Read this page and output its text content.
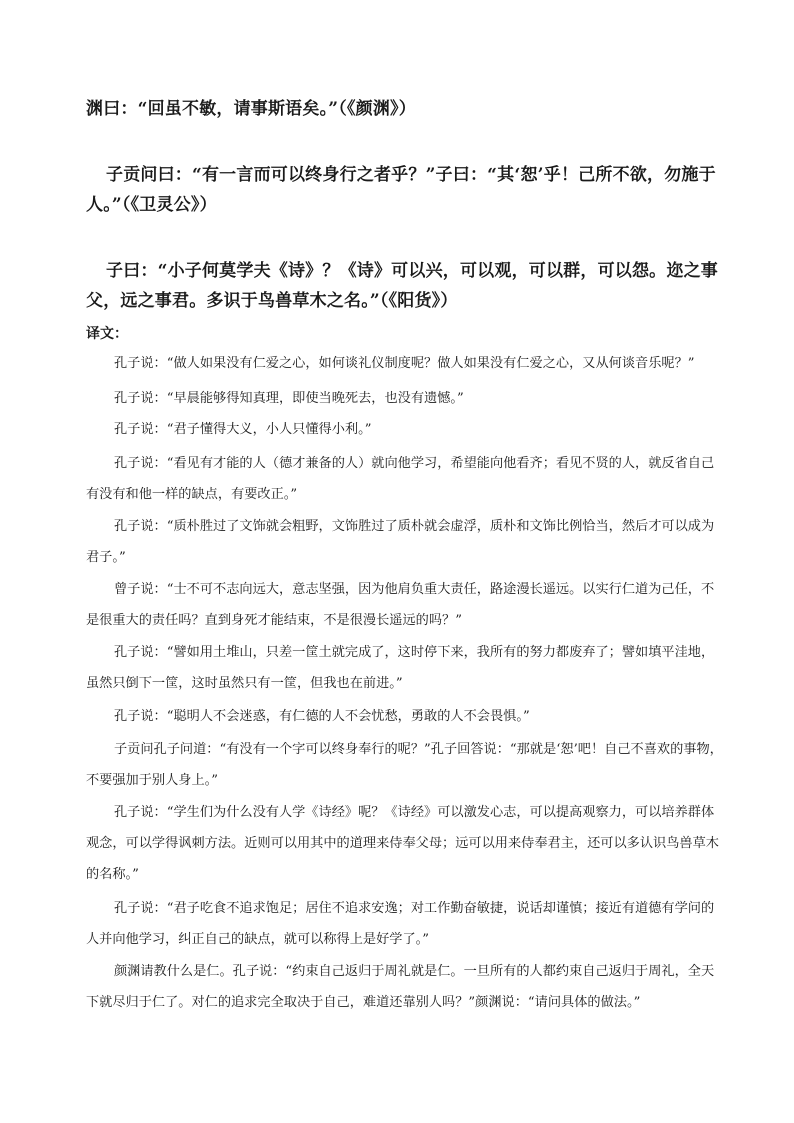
渊曰：“回虽不敏，请事斯语矣。”（《颜渊》）
子贡问曰：“有一言而可以终身行之者乎？”子曰：“其‘恕’乎！己所不欲，勿施于人。”（《卫灵公》）
子曰：“小子何莫学夫《诗》？《诗》可以兴，可以观，可以群，可以怨。迩之事父，远之事君。多识于鸟兽草木之名。”（《阳货》）
译文：
孔子说：“做人如果没有仁爱之心，如何谈礼仪制度呢？做人如果没有仁爱之心，又从何谈音乐呢？”
孔子说：“早晨能够得知真理，即使当晚死去，也没有遗憾。”
孔子说：“君子懂得大义，小人只懂得小利。”
孔子说：“看见有才能的人（德才兼备的人）就向他学习，希望能向他看齐；看见不贤的人，就反省自己有没有和他一样的缺点，有要改正。”
孔子说：“质朴胜过了文饰就会粗野，文饰胜过了质朴就会虚浮，质朴和文饰比例恰当，然后才可以成为君子。”
曾子说：“士不可不志向远大，意志坚强，因为他肩负重大责任，路途漫长遥远。以实行仁道为己任，不是很重大的责任吗？直到身死才能结束，不是很漫长遥远的吗？”
孔子说：“譬如用土堆山，只差一筐土就完成了，这时停下来，我所有的努力都废弃了；譬如填平洼地，虽然只倒下一筐，这时虽然只有一筐，但我也在前进。”
孔子说：“聪明人不会迷惑，有仁德的人不会忧愁，勇敢的人不会畏惧。”
子贡问孔子问道：“有没有一个字可以终身奉行的呢？”孔子回答说：“那就是‘恕’吧！自己不喜欢的事物，不要强加于别人身上。”
孔子说：“学生们为什么没有人学《诗经》呢？《诗经》可以激发心志，可以提高观察力，可以培养群体观念，可以学得讽刺方法。近则可以用其中的道理来侍奉父母；远可以用来侍奉君主，还可以多认识鸟兽草木的名称。”
孔子说：“君子吃食不追求饱足；居住不追求安逸；对工作勤奋敏捷，说话却谨慎；接近有道德有学问的人并向他学习，纠正自己的缺点，就可以称得上是好学了。”
颜渊请教什么是仁。孔子说：“约束自己返归于周礼就是仁。一旦所有的人都约束自己返归于周礼，全天下就尽归于仁了。对仁的追求完全取决于自己，难道还靠别人吗？”颜渊说：“请问具体的做法。”
